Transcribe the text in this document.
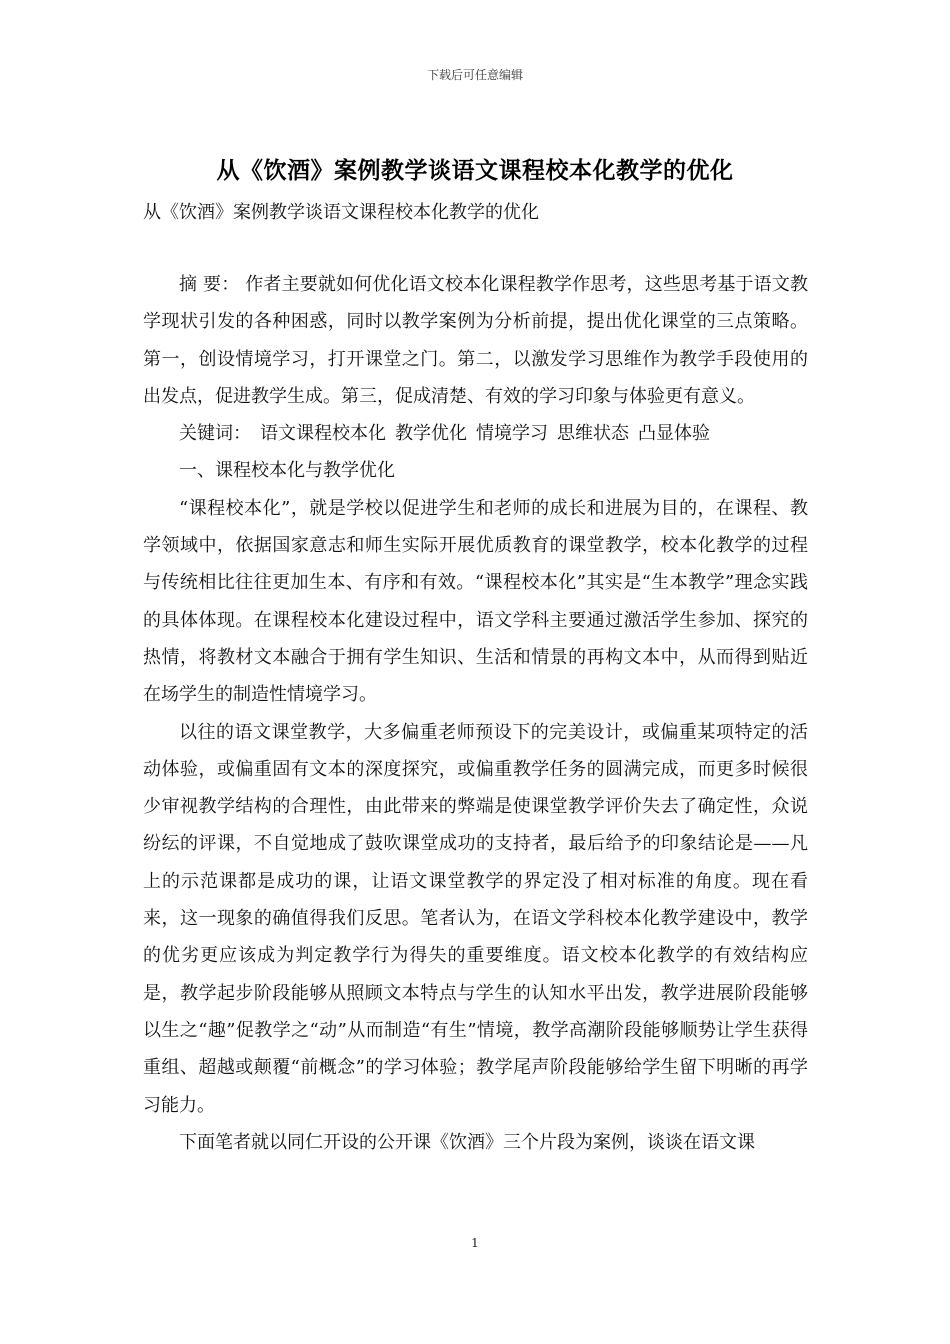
下载后可任意编辑
从《饮酒》案例教学谈语文课程校本化教学的优化
从《饮酒》案例教学谈语文课程校本化教学的优化

摘 要： 作者主要就如何优化语文校本化课程教学作思考，这些思考基于语文教学现状引发的各种困惑，同时以教学案例为分析前提，提出优化课堂的三点策略。第一，创设情境学习，打开课堂之门。第二，以激发学习思维作为教学手段使用的出发点，促进教学生成。第三，促成清楚、有效的学习印象与体验更有意义。

关键词： 语文课程校本化 教学优化 情境学习 思维状态 凸显体验

一、课程校本化与教学优化

“课程校本化”，就是学校以促进学生和老师的成长和进展为目的，在课程、教学领域中，依据国家意志和师生实际开展优质教育的课堂教学，校本化教学的过程与传统相比往往更加生本、有序和有效。“课程校本化”其实是“生本教学”理念实践的具体体现。在课程校本化建设过程中，语文学科主要通过激活学生参加、探究的热情，将教材文本融合于拥有学生知识、生活和情景的再构文本中，从而得到贴近在场学生的制造性情境学习。

以往的语文课堂教学，大多偏重老师预设下的完美设计，或偏重某项特定的活动体验，或偏重固有文本的深度探究，或偏重教学任务的圆满完成，而更多时候很少审视教学结构的合理性，由此带来的弊端是使课堂教学评价失去了确定性，众说纷纭的评课，不自觉地成了鼓吹课堂成功的支持者，最后给予的印象结论是——凡上的示范课都是成功的课，让语文课堂教学的界定没了相对标准的角度。现在看来，这一现象的确值得我们反思。笔者认为，在语文学科校本化教学建设中，教学的优劣更应该成为判定教学行为得失的重要维度。语文校本化教学的有效结构应是，教学起步阶段能够从照顾文本特点与学生的认知水平出发，教学进展阶段能够以生之“趣”促教学之“动”从而制造“有生”情境，教学高潮阶段能够顺势让学生获得重组、超越或颠覆“前概念”的学习体验；教学尾声阶段能够给学生留下明晰的再学习能力。

下面笔者就以同仁开设的公开课《饮酒》三个片段为案例，谈谈在语文课

1
